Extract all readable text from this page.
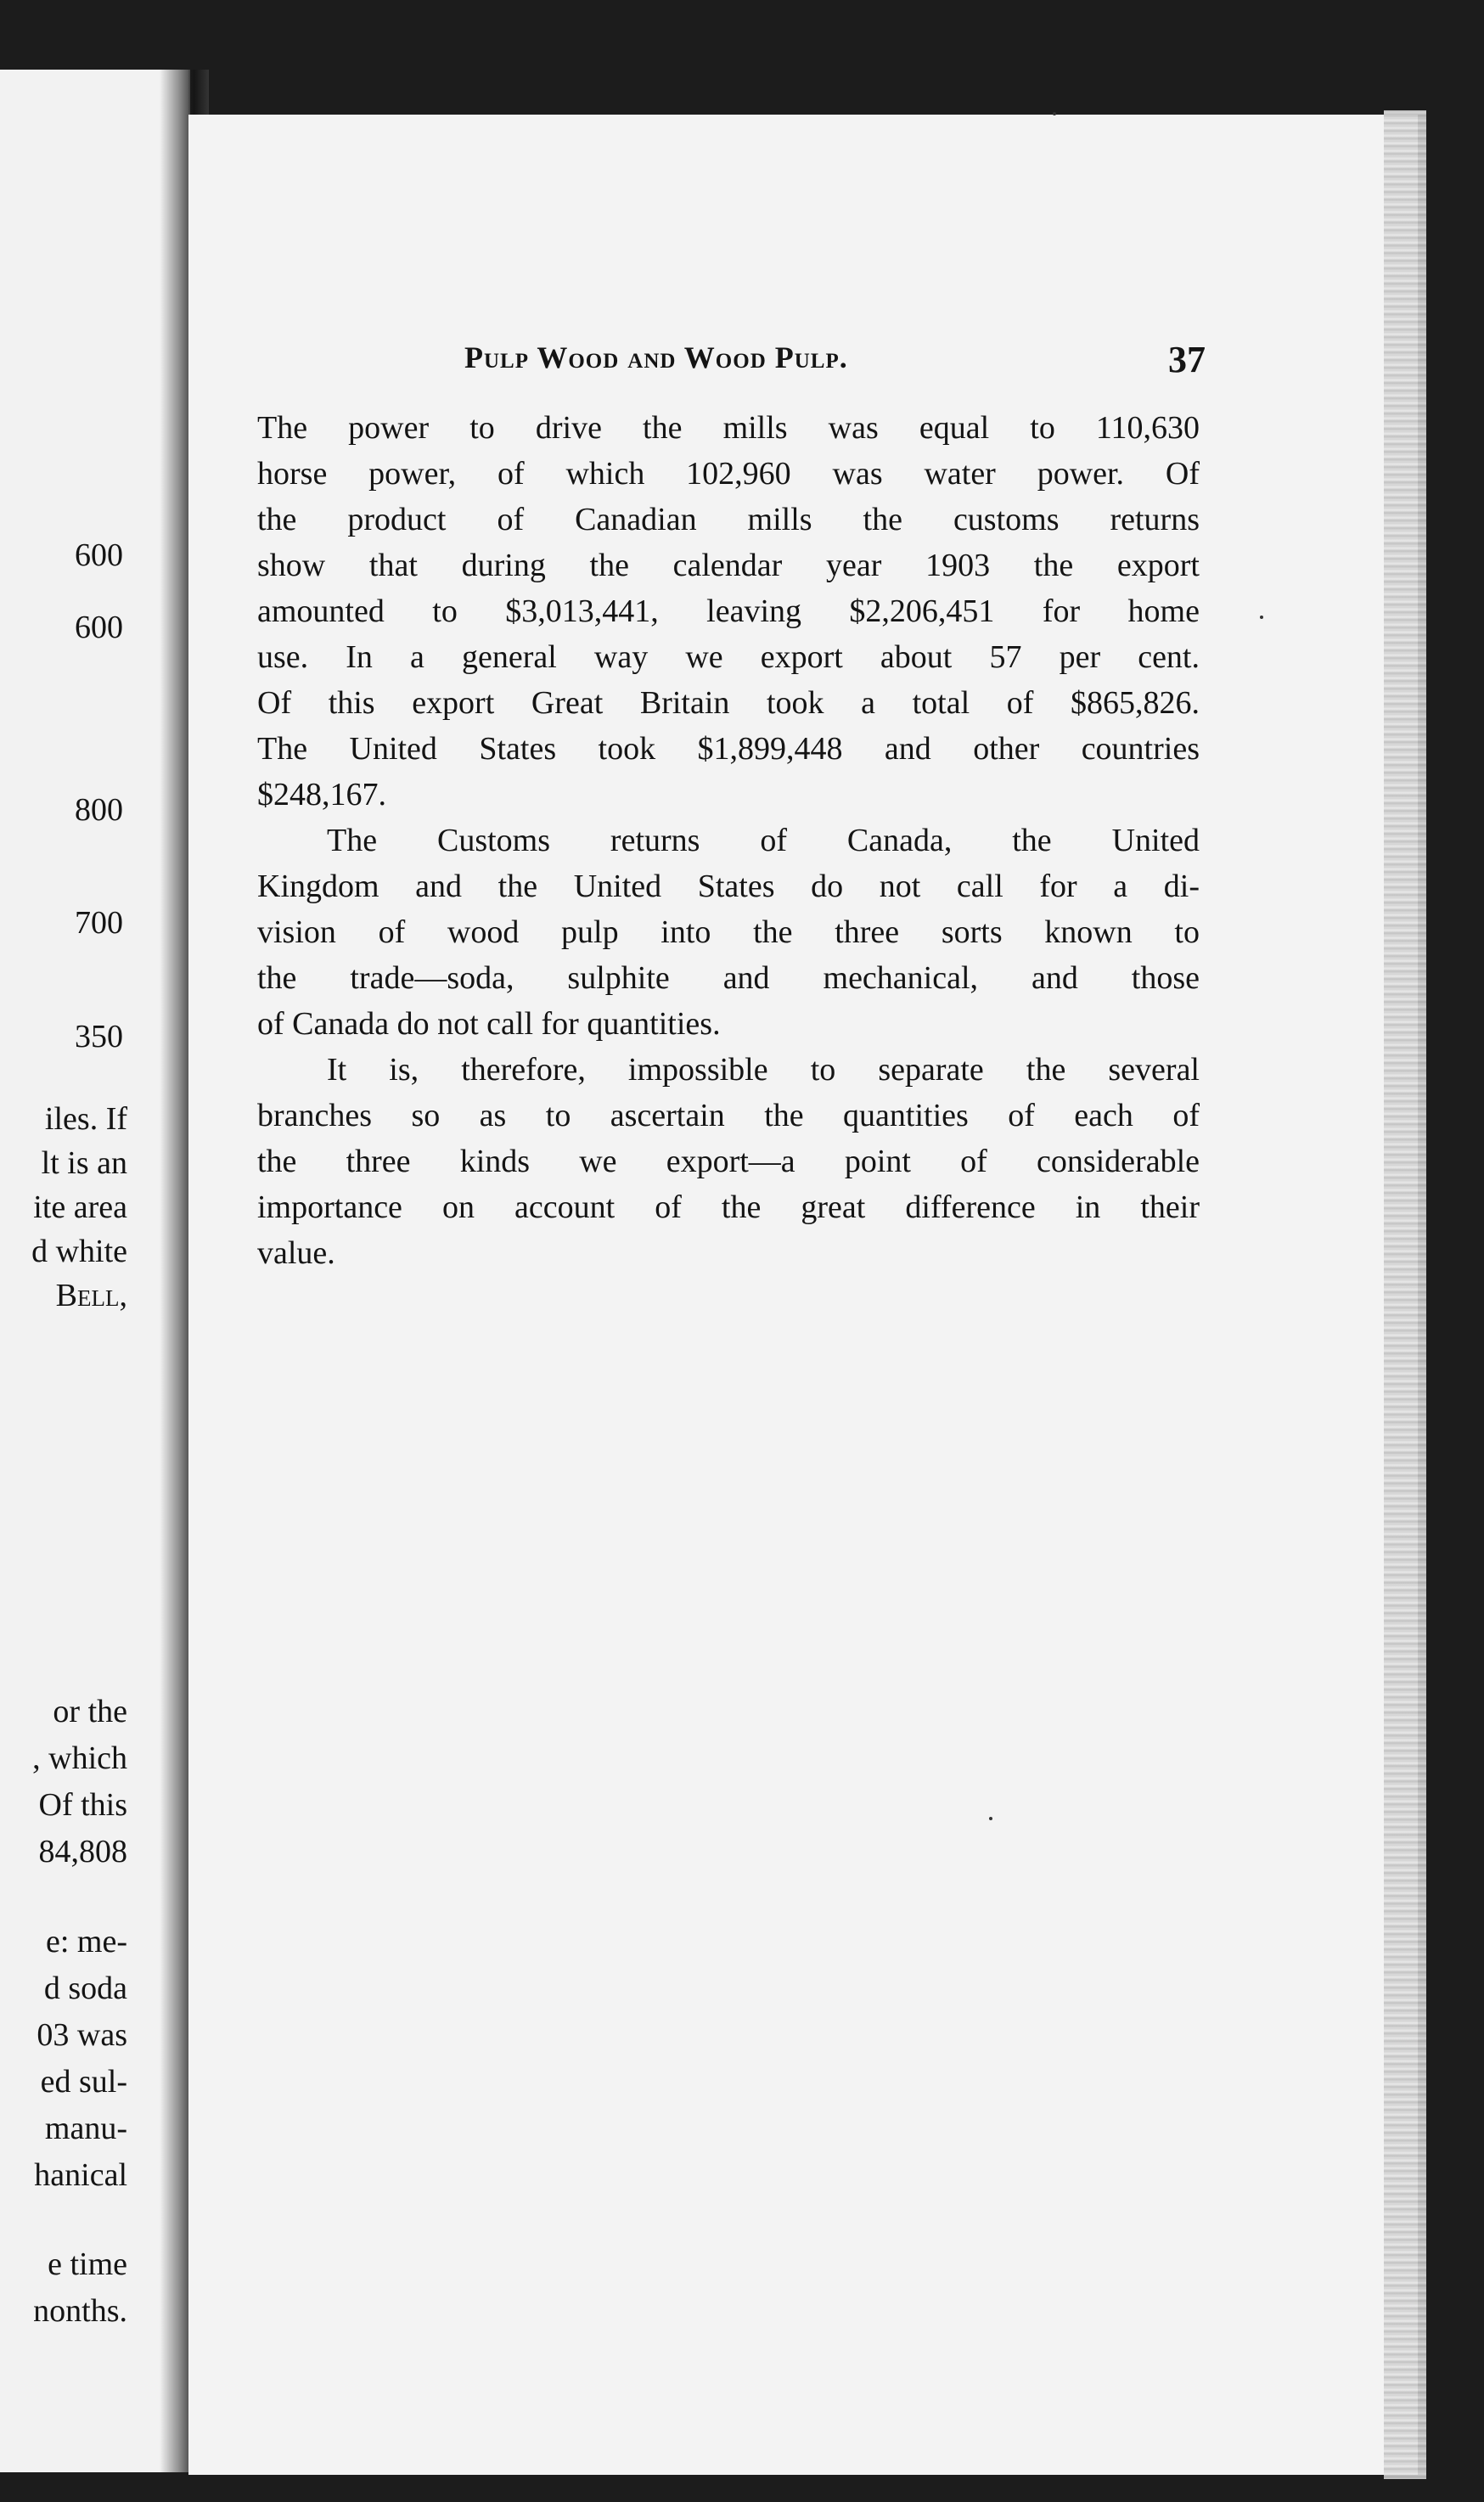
600
600
800
700
350
iles. If
lt is an
ite area
d white
Bell,
or the
, which
Of this
84,808
e: me-
d soda
03 was
ed sul-
manu-
hanical
e time
nonths.
Pulp Wood and Wood Pulp.	37
The power to drive the mills was equal to 110,630
horse power, of which 102,960 was water power. Of
the product of Canadian mills the customs returns
show that during the calendar year 1903 the export
amounted to $3,013,441, leaving $2,206,451 for home
use. In a general way we export about 57 per cent.
Of this export Great Britain took a total of $865,826.
The United States took $1,899,448 and other countries
$248,167.
The Customs returns of Canada, the United
Kingdom and the United States do not call for a di-
vision of wood pulp into the three sorts known to
the trade—soda, sulphite and mechanical, and those
of Canada do not call for quantities.
It is, therefore, impossible to separate the several
branches so as to ascertain the quantities of each of
the three kinds we export—a point of considerable
importance on account of the great difference in their
value.
